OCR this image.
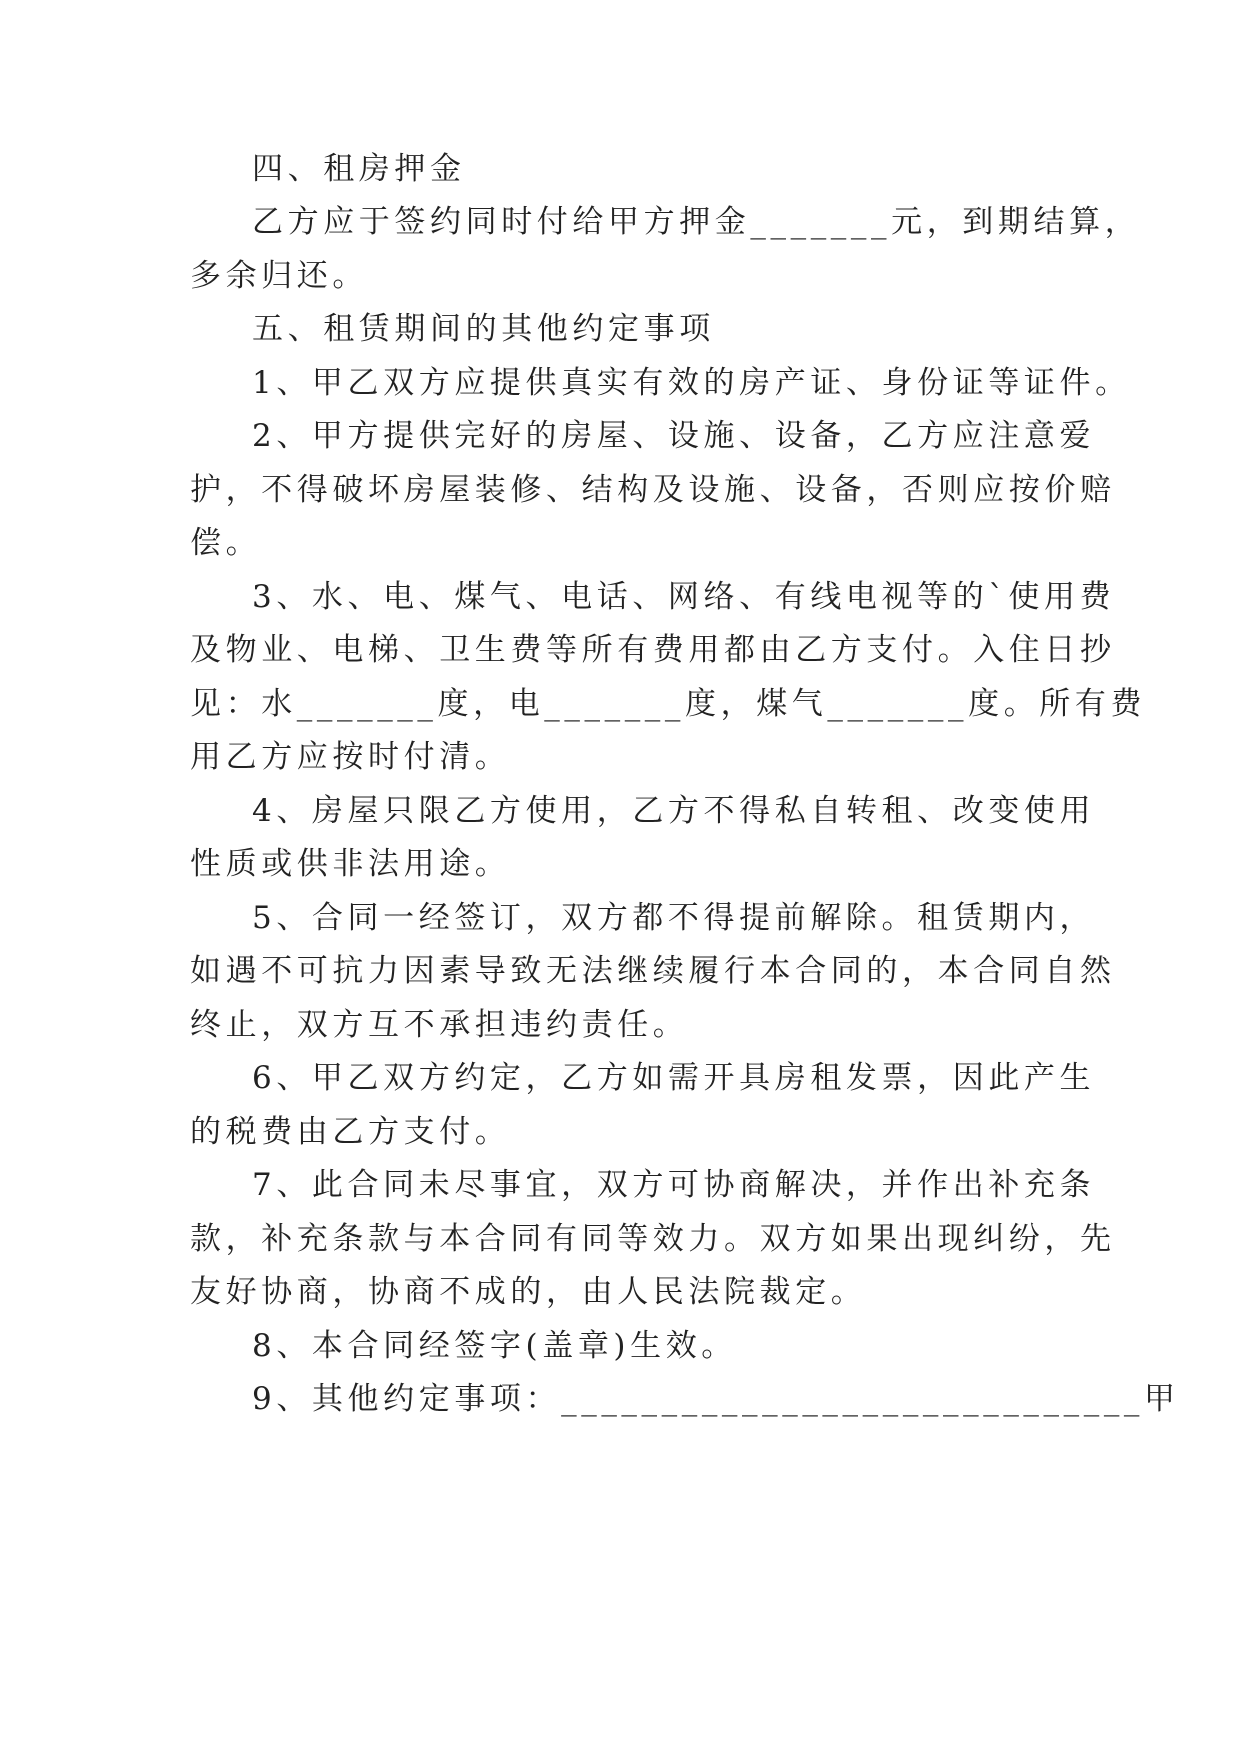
四、租房押金
乙方应于签约同时付给甲方押金_______元，到期结算，
多余归还。
五、租赁期间的其他约定事项
1、甲乙双方应提供真实有效的房产证、身份证等证件。
2、甲方提供完好的房屋、设施、设备，乙方应注意爱
护，不得破坏房屋装修、结构及设施、设备，否则应按价赔
偿。
3、水、电、煤气、电话、网络、有线电视等的`使用费
及物业、电梯、卫生费等所有费用都由乙方支付。入住日抄
见：水_______度，电_______度，煤气_______度。所有费
用乙方应按时付清。
4、房屋只限乙方使用，乙方不得私自转租、改变使用
性质或供非法用途。
5、合同一经签订，双方都不得提前解除。租赁期内，
如遇不可抗力因素导致无法继续履行本合同的，本合同自然
终止，双方互不承担违约责任。
6、甲乙双方约定，乙方如需开具房租发票，因此产生
的税费由乙方支付。
7、此合同未尽事宜，双方可协商解决，并作出补充条
款，补充条款与本合同有同等效力。双方如果出现纠纷，先
友好协商，协商不成的，由人民法院裁定。
8、本合同经签字(盖章)生效。
9、其他约定事项：_____________________________甲
